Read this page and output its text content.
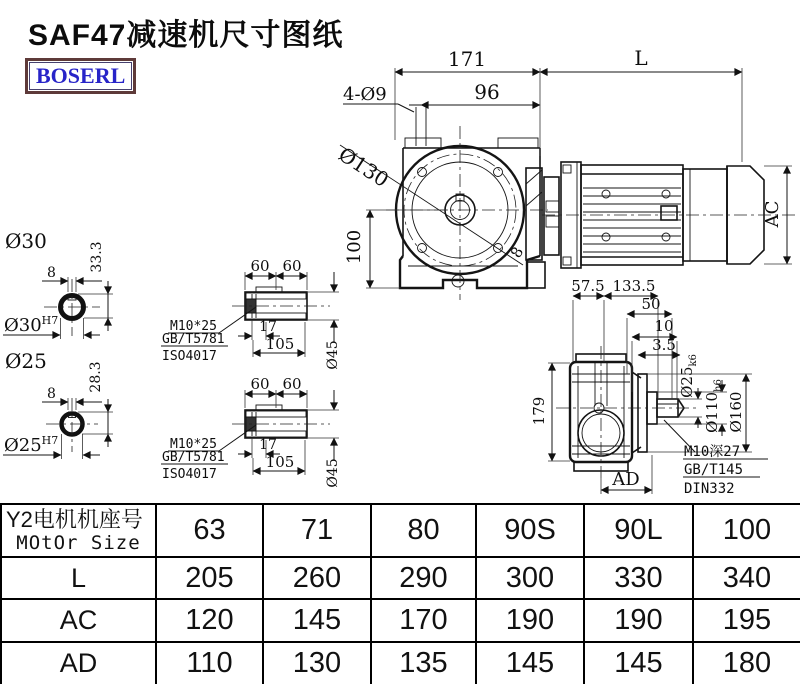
SAF47减速机尺寸图纸
BOSERL
Ø130
8
171	L
96
4-Ø9
100
AC
57.5 133.5
50
10
3.5
$Ø25_{k6}$
$Ø110_{h6}$
Ø160
179
AD
M10深27
GB/T145
DIN332
Ø30
8
33.3
$Ø30^{H7}$
Ø25
8
28.3
$Ø25^{H7}$
60 60
17
105 Ø45
M10*25
GB/T5781
ISO4017
60 60
17
105 Ø45
M10*25
GB/T5781
ISO4017
Y2电机机座号
MOtOr Size	63	71	80	90S	90L	100
L	205	260	290	300	330	340
AC	120	145	170	190	190	195
AD	110	130	135	145	145	180
